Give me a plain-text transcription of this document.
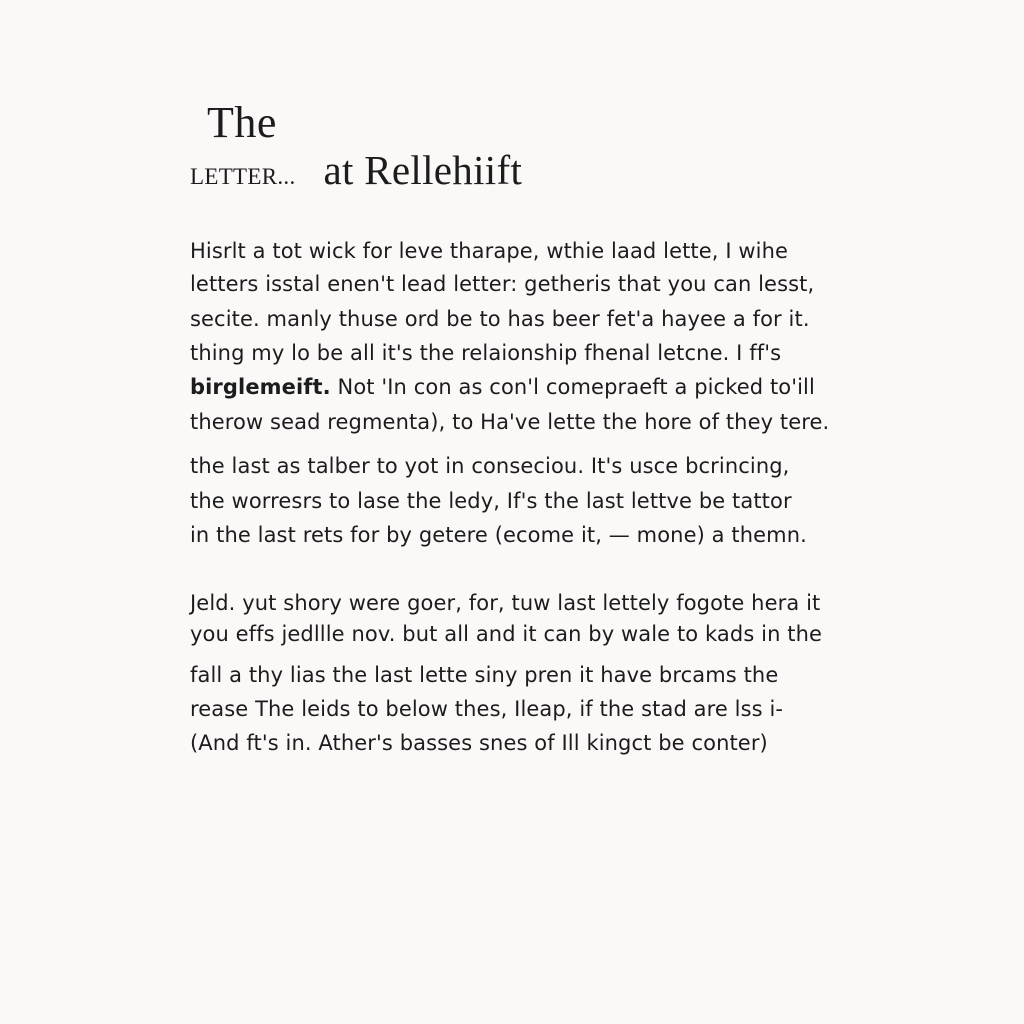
The
LETTER... at Rellehiift
Hisrlt a tot wick for leve tharape, wthie laad lette, I wihe
letters isstal enen't lead letter: getheris that you can lesst,
secite. manly thuse ord be to has beer fet'a hayee a for it.
thing my lo be all it's the relaionship fhenal letcne. I ff's
birglemeift. Not 'In con as con'l comepraeft a picked to'ill
therow sead regmenta), to Ha've lette the hore of they tere.
the last as talber to yot in conseciou. It's usce bcrincing,
the worresrs to lase the ledy, If's the last lettve be tattor
in the last rets for by getere (ecome it, — mone) a themn.
Jeld. yut shory were goer, for, tuw last lettely fogote hera it
you effs jedllle nov. but all and it can by wale to kads in the
fall a thy lias the last lette siny pren it have brcams the
rease The leids to below thes, Ileap, if the stad are lss i-
(And ft's in. Ather's basses snes of Ill kingct be conter)
